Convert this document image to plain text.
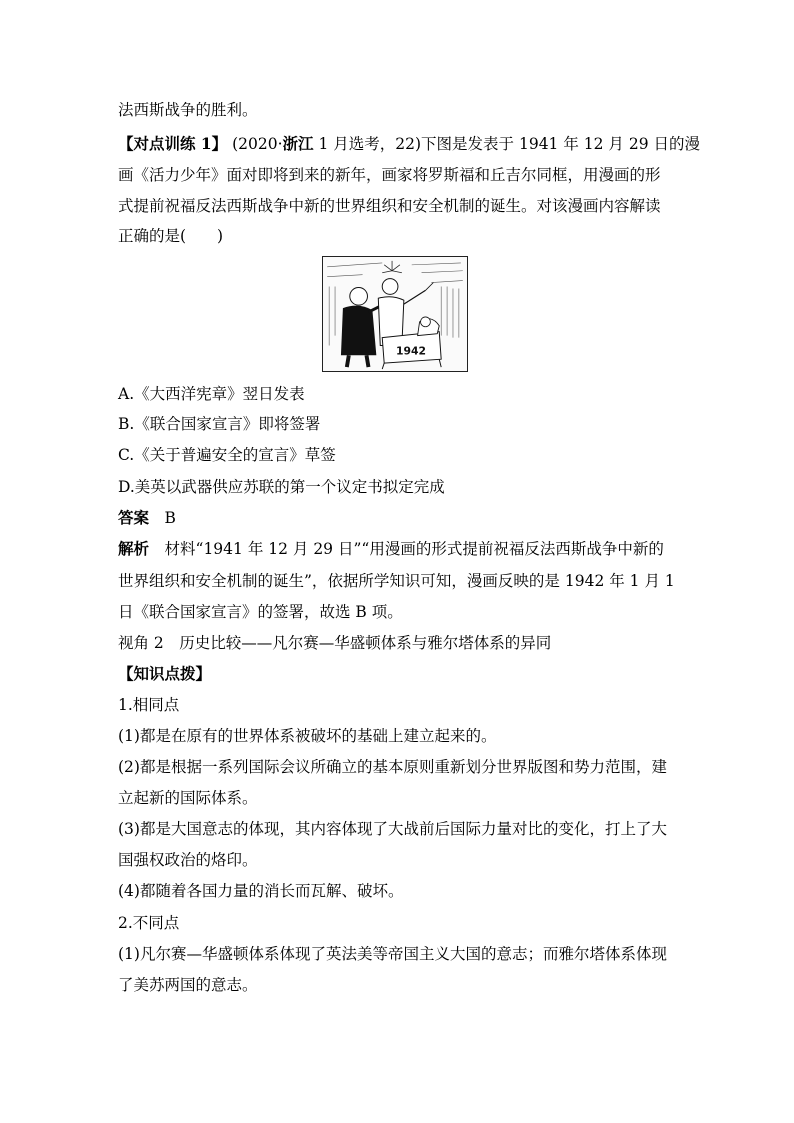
法西斯战争的胜利。
【对点训练 1】 (2020·浙江 1 月选考，22)下图是发表于 1941 年 12 月 29 日的漫
画《活力少年》面对即将到来的新年，画家将罗斯福和丘吉尔同框，用漫画的形
式提前祝福反法西斯战争中新的世界组织和安全机制的诞生。对该漫画内容解读
正确的是(　　)
1942
A.《大西洋宪章》翌日发表
B.《联合国家宣言》即将签署
C.《关于普遍安全的宣言》草签
D.美英以武器供应苏联的第一个议定书拟定完成
答案　B
解析　材料“1941 年 12 月 29 日”“用漫画的形式提前祝福反法西斯战争中新的
世界组织和安全机制的诞生”，依据所学知识可知，漫画反映的是 1942 年 1 月 1
日《联合国家宣言》的签署，故选 B 项。
视角 2　历史比较——凡尔赛—华盛顿体系与雅尔塔体系的异同
【知识点拨】
1.相同点
(1)都是在原有的世界体系被破坏的基础上建立起来的。
(2)都是根据一系列国际会议所确立的基本原则重新划分世界版图和势力范围，建
立起新的国际体系。
(3)都是大国意志的体现，其内容体现了大战前后国际力量对比的变化，打上了大
国强权政治的烙印。
(4)都随着各国力量的消长而瓦解、破坏。
2.不同点
(1)凡尔赛—华盛顿体系体现了英法美等帝国主义大国的意志；而雅尔塔体系体现
了美苏两国的意志。
